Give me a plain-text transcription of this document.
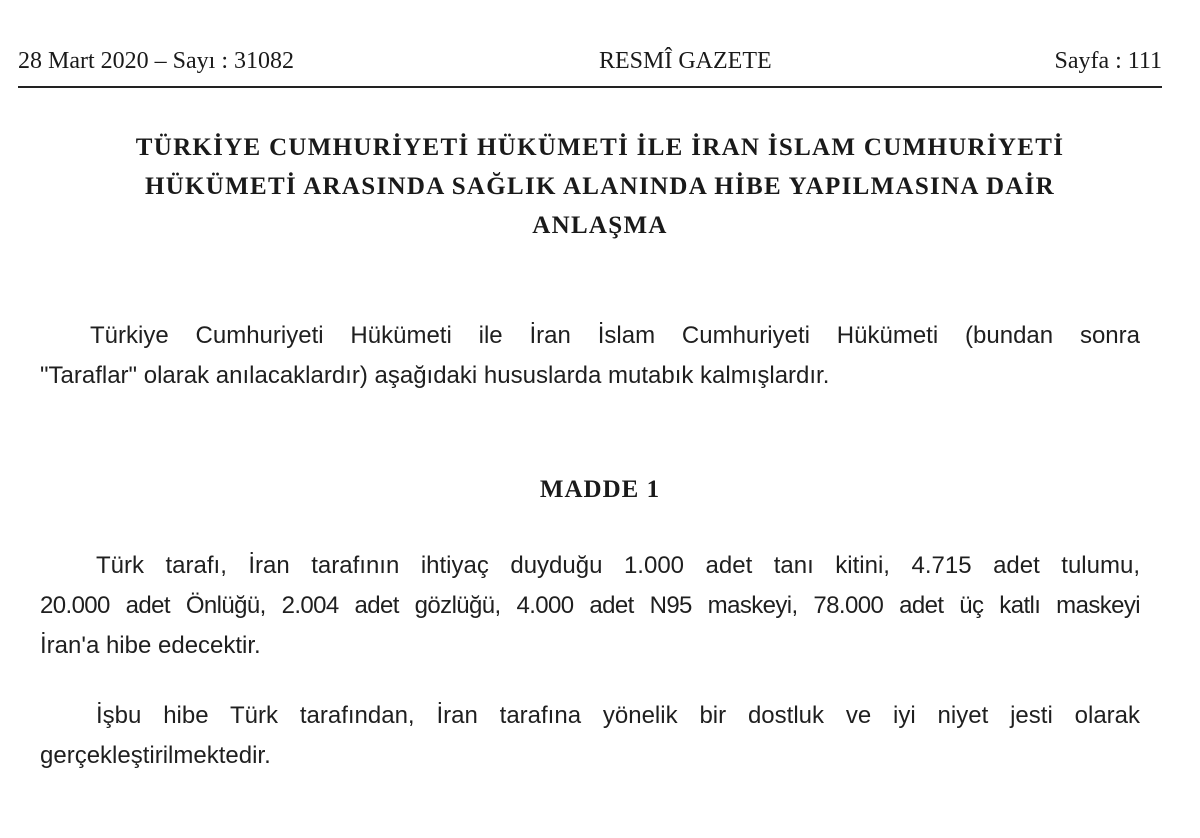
28 Mart 2020 – Sayı : 31082	RESMÎ GAZETE	Sayfa : 111
TÜRKİYE CUMHURİYETİ HÜKÜMETİ İLE İRAN İSLAM CUMHURİYETİ
HÜKÜMETİ ARASINDA SAĞLIK ALANINDA HİBE YAPILMASINA DAİR
ANLAŞMA
Türkiye Cumhuriyeti Hükümeti ile İran İslam Cumhuriyeti Hükümeti (bundan sonra
"Taraflar" olarak anılacaklardır) aşağıdaki hususlarda mutabık kalmışlardır.
MADDE 1
Türk tarafı, İran tarafının ihtiyaç duyduğu 1.000 adet tanı kitini, 4.715 adet tulumu,
20.000 adet Önlüğü, 2.004 adet gözlüğü, 4.000 adet N95 maskeyi, 78.000 adet üç katlı maskeyi
İran'a hibe edecektir.
İşbu hibe Türk tarafından, İran tarafına yönelik bir dostluk ve iyi niyet jesti olarak
gerçekleştirilmektedir.
